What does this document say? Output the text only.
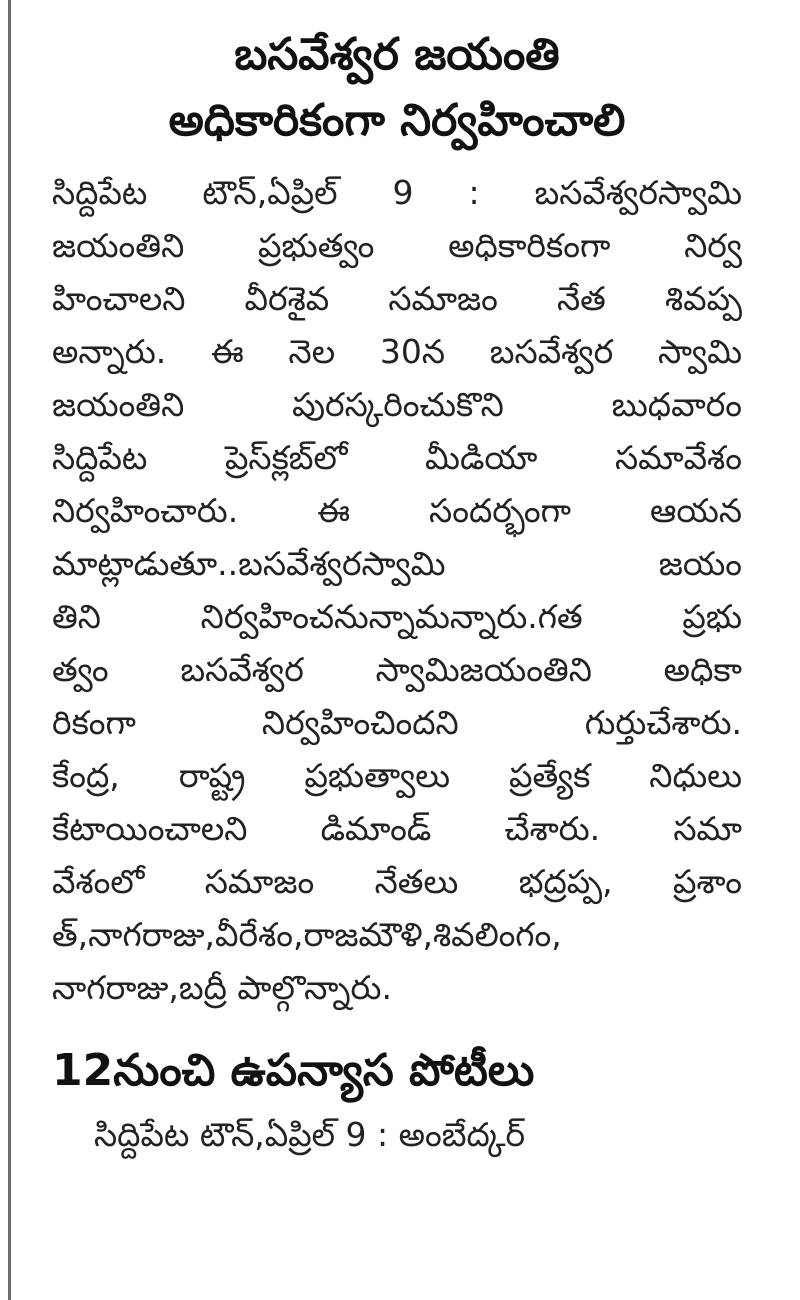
బసవేశ్వర జయంతి
అధికారికంగా నిర్వహించాలి

సిద్దిపేట టౌన్,ఏప్రిల్ 9 : బసవేశ్వరస్వామి

జయంతిని ప్రభుత్వం అధికారికంగా నిర్వ

హించాలని వీరశైవ సమాజం నేత శివప్ప

అన్నారు. ఈ నెల 30న బసవేశ్వర స్వామి

జయంతిని పురస్కరించుకొని బుధవారం

సిద్దిపేట ప్రెస్‌క్లబ్‌లో మీడియా సమావేశం

నిర్వహించారు. ఈ సందర్భంగా ఆయన

మాట్లాడుతూ..బసవేశ్వరస్వామి జయం

తిని నిర్వహించనున్నామన్నారు.గత ప్రభు

త్వం బసవేశ్వర స్వామిజయంతిని అధికా

రికంగా నిర్వహించిందని గుర్తుచేశారు.

కేంద్ర, రాష్ట్ర ప్రభుత్వాలు ప్రత్యేక నిధులు

కేటాయించాలని డిమాండ్ చేశారు. సమా

వేశంలో సమాజం నేతలు భద్రప్ప, ప్రశాం

త్,నాగరాజు,వీరేశం,రాజమౌళి,శివలింగం,

నాగరాజు,బద్రీ పాల్గొన్నారు.

12నుంచి ఉపన్యాస పోటీలు

సిద్దిపేట టౌన్,ఏప్రిల్ 9 : అంబేద్కర్
